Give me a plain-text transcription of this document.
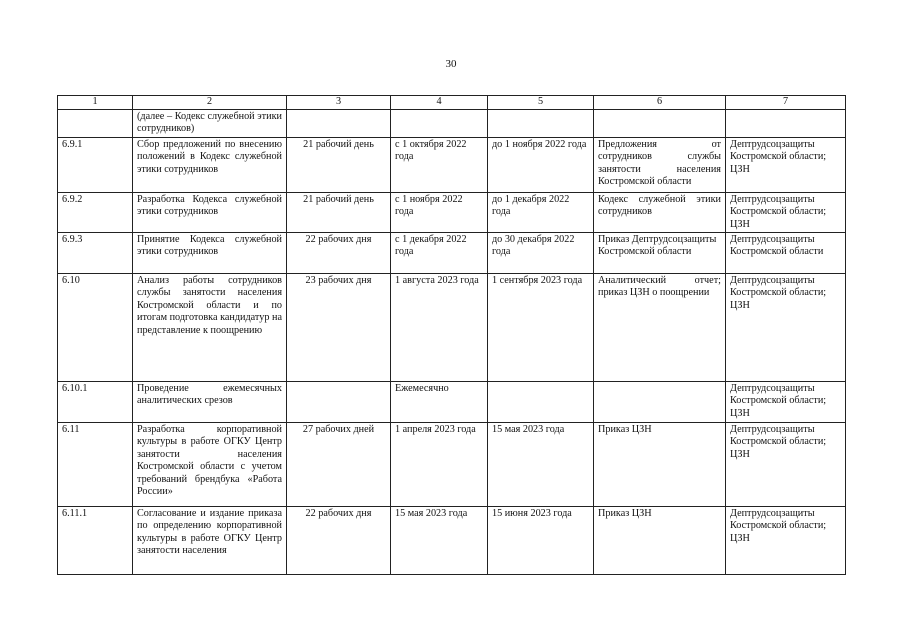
30
1	2	3	4	5	6	7
	(далее – Кодекс служебной этики сотрудников)					
6.9.1	Сбор предложений по внесению положений в Кодекс служебной этики сотрудников	21 рабочий день	с 1 октября 2022 года	до 1 ноября 2022 года	Предложения от сотрудников службы занятости населения Костромской области	Дептрудсоцзащиты Костромской области; ЦЗН
6.9.2	Разработка Кодекса служебной этики сотрудников	21 рабочий день	с 1 ноября 2022 года	до 1 декабря 2022 года	Кодекс служебной этики сотрудников	Дептрудсоцзащиты Костромской области; ЦЗН
6.9.3	Принятие Кодекса служебной этики сотрудников	22 рабочих дня	с 1 декабря 2022 года	до 30 декабря 2022 года	Приказ Дептрудсоцзащиты Костромской области	Дептрудсоцзащиты Костромской области
6.10	Анализ работы сотрудников службы занятости населения Костромской области и по итогам подготовка кандидатур на представление к поощрению	23 рабочих дня	1 августа 2023 года	1 сентября 2023 года	Аналитический отчет; приказ ЦЗН о поощрении	Дептрудсоцзащиты Костромской области; ЦЗН
6.10.1	Проведение ежемесячных аналитических срезов		Ежемесячно			Дептрудсоцзащиты Костромской области; ЦЗН
6.11	Разработка корпоративной культуры в работе ОГКУ Центр занятости населения Костромской области с учетом требований брендбука «Работа России»	27 рабочих дней	1 апреля 2023 года	15 мая 2023 года	Приказ ЦЗН	Дептрудсоцзащиты Костромской области; ЦЗН
6.11.1	Согласование и издание приказа по определению корпоративной культуры в работе ОГКУ Центр занятости населения	22 рабочих дня	15 мая 2023 года	15 июня 2023 года	Приказ ЦЗН	Дептрудсоцзащиты Костромской области; ЦЗН
